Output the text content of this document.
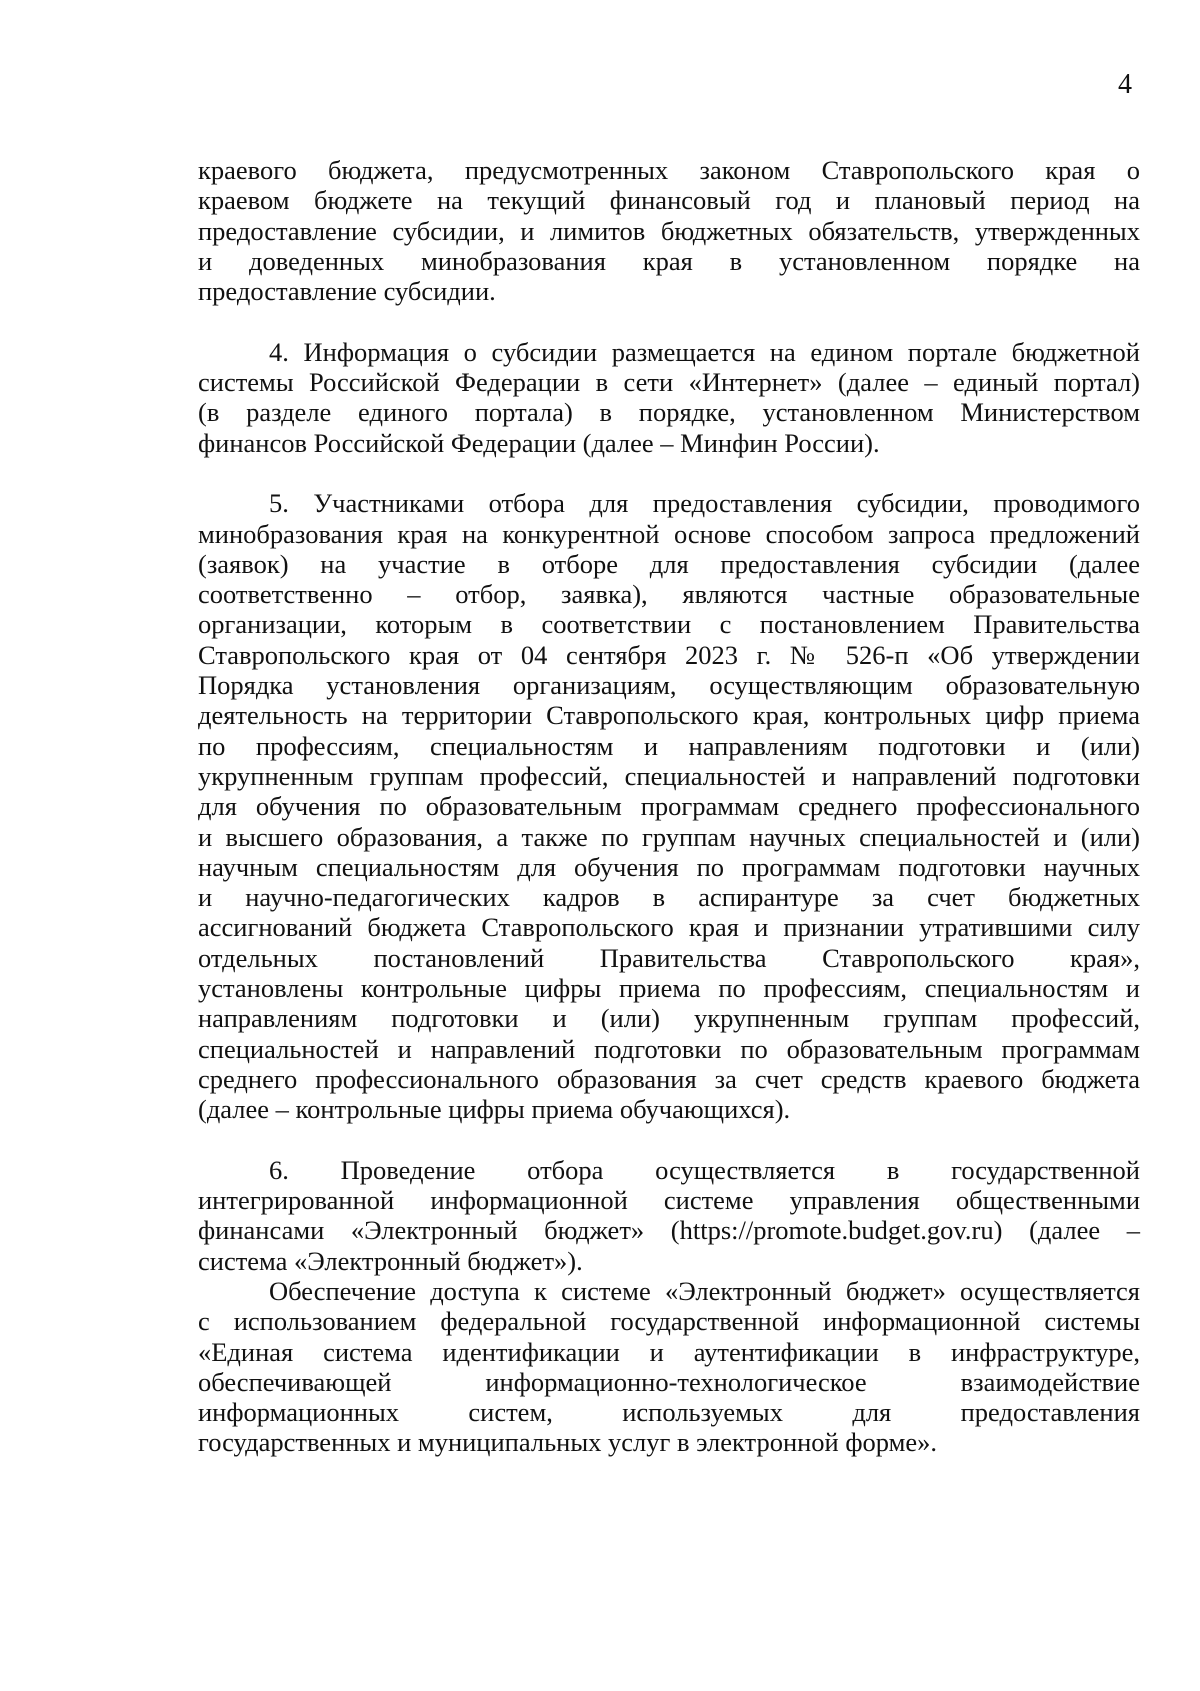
4
краевого бюджета, предусмотренных законом Ставропольского края о
краевом бюджете на текущий финансовый год и плановый период на
предоставление субсидии, и лимитов бюджетных обязательств, утвержденных
и доведенных минобразования края в установленном порядке на
предоставление субсидии.
4. Информация о субсидии размещается на едином портале бюджетной
системы Российской Федерации в сети «Интернет» (далее – единый портал)
(в разделе единого портала) в порядке, установленном Министерством
финансов Российской Федерации (далее – Минфин России).
5. Участниками отбора для предоставления субсидии, проводимого
минобразования края на конкурентной основе способом запроса предложений
(заявок) на участие в отборе для предоставления субсидии (далее
соответственно – отбор, заявка), являются частные образовательные
организации, которым в соответствии с постановлением Правительства
Ставропольского края от 04 сентября 2023 г. № 526-п «Об утверждении
Порядка установления организациям, осуществляющим образовательную
деятельность на территории Ставропольского края, контрольных цифр приема
по профессиям, специальностям и направлениям подготовки и (или)
укрупненным группам профессий, специальностей и направлений подготовки
для обучения по образовательным программам среднего профессионального
и высшего образования, а также по группам научных специальностей и (или)
научным специальностям для обучения по программам подготовки научных
и научно-педагогических кадров в аспирантуре за счет бюджетных
ассигнований бюджета Ставропольского края и признании утратившими силу
отдельных постановлений Правительства Ставропольского края»,
установлены контрольные цифры приема по профессиям, специальностям и
направлениям подготовки и (или) укрупненным группам профессий,
специальностей и направлений подготовки по образовательным программам
среднего профессионального образования за счет средств краевого бюджета
(далее – контрольные цифры приема обучающихся).
6. Проведение отбора осуществляется в государственной
интегрированной информационной системе управления общественными
финансами «Электронный бюджет» (https://promote.budget.gov.ru) (далее –
система «Электронный бюджет»).
Обеспечение доступа к системе «Электронный бюджет» осуществляется
с использованием федеральной государственной информационной системы
«Единая система идентификации и аутентификации в инфраструктуре,
обеспечивающей информационно-технологическое взаимодействие
информационных систем, используемых для предоставления
государственных и муниципальных услуг в электронной форме».
